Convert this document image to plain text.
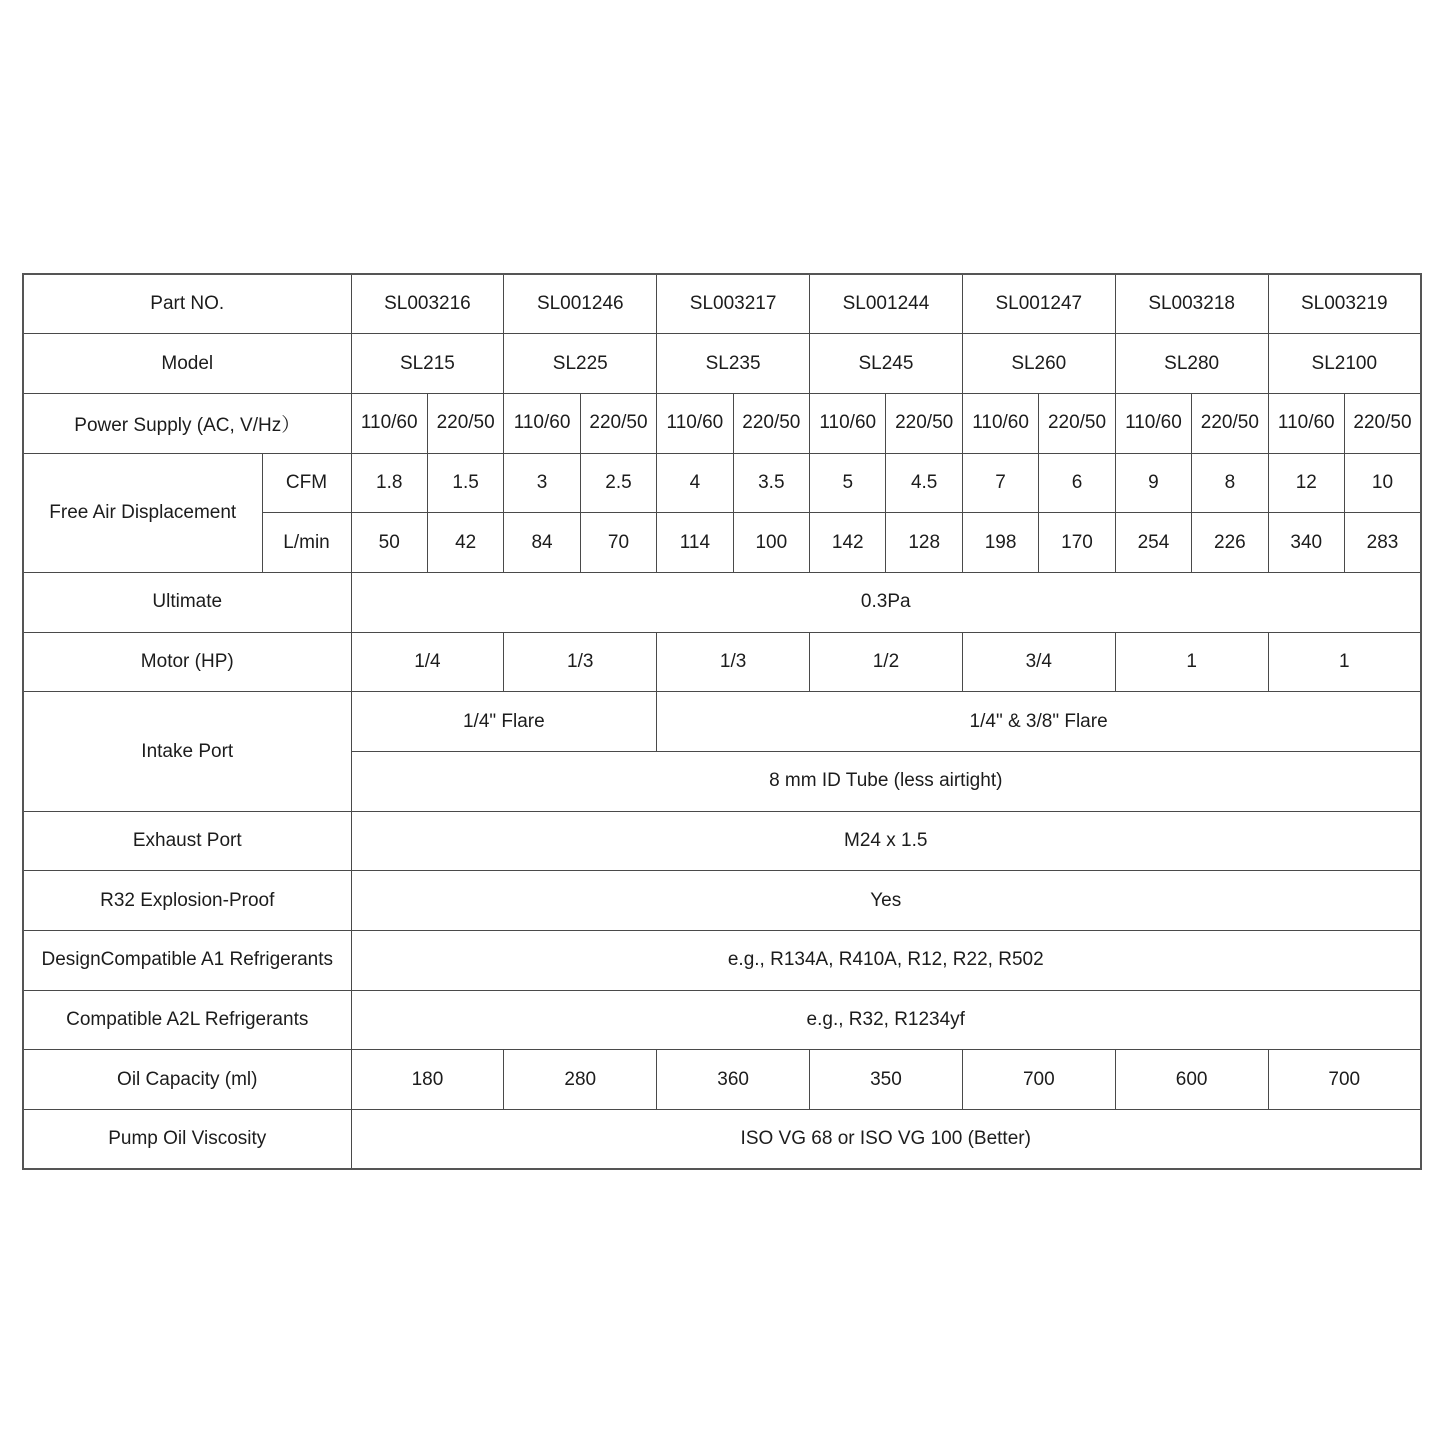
Part NO.		SL003216		SL001246		SL003217		SL001244		SL001247		SL003218		SL003219	
Model		SL215		SL225		SL235		SL245		SL260		SL280		SL2100	
Power Supply (AC, V/Hz）		110/60	220/50	110/60	220/50	110/60	220/50	110/60	220/50	110/60	220/50	110/60	220/50	110/60	220/50
Free Air Displacement	CFM	1.8	1.5	3	2.5	4	3.5	5	4.5	7	6	9	8	12	10
	L/min	50	42	84	70	114	100	142	128	198	170	254	226	340	283
Ultimate		0.3Pa													
Motor (HP)		1/4		1/3		1/3		1/2		3/4		1		1	
Intake Port		1/4" Flare				1/4" & 3/8" Flare									
		8 mm ID Tube (less airtight)													
Exhaust Port		M24 x 1.5													
R32 Explosion-Proof		Yes													
DesignCompatible A1 Refrigerants		e.g., R134A, R410A, R12, R22, R502													
Compatible A2L Refrigerants		e.g., R32, R1234yf													
Oil Capacity (ml)		180		280		360		350		700		600		700	
Pump Oil Viscosity		ISO VG 68 or ISO VG 100 (Better)													
